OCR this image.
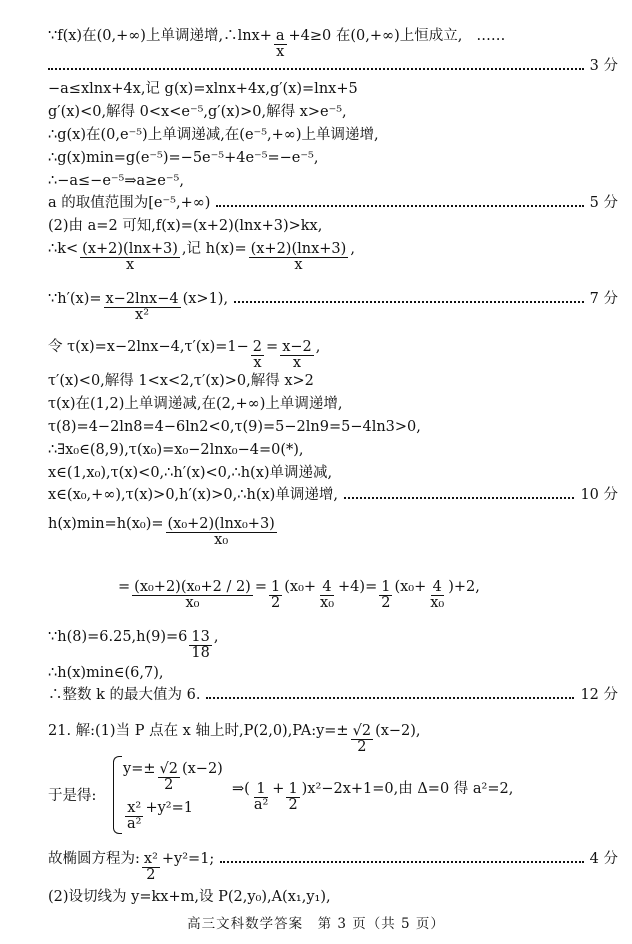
∵f(x)在(0,+∞)上单调递增,∴lnx+ $\frac{a}{x} +4\ge 0$ 在(0,+∞)上恒成立, ……
3 分
−a≤xlnx+4x,记 g(x)=xlnx+4x,g′(x)=lnx+5
g′(x)<0,解得 0<x<e⁻⁵,g′(x)>0,解得 x>e⁻⁵,
∴g(x)在(0,e⁻⁵)上单调递减,在(e⁻⁵,+∞)上单调递增,
∴g(x)min=g(e⁻⁵)=−5e⁻⁵+4e⁻⁵=−e⁻⁵,
∴−a≤−e⁻⁵⇒a≥e⁻⁵,
a 的取值范围为[e⁻⁵,+∞)	5 分
(2)由 a=2 可知,f(x)=(x+2)(lnx+3)>kx,
∴k< $\frac{(x+2)(\ln x+3)}{x}$ ,记 $h(x)= \frac{(x+2)(\ln x+3)}{x}$ ,
∵h′(x)= $\frac{x-2\ln x-4}{\text{x²}} (x>1)$,	7 分
令 $\tau(x)=x-2\ln x-4,\tau'(x)=1- \frac{2}{x} = \frac{x-2}{x}$ ,
τ′(x)<0,解得 1<x<2,τ′(x)>0,解得 x>2
τ(x)在(1,2)上单调递减,在(2,+∞)上单调递增,
τ(8)=4−2ln8=4−6ln2<0,τ(9)=5−2ln9=5−4ln3>0,
∴∃x₀∈(8,9),τ(x₀)=x₀−2lnx₀−4=0(*),
x∈(1,x₀),τ(x)<0,∴h′(x)<0,∴h(x)单调递减,
x∈(x₀,+∞),τ(x)>0,h′(x)>0,∴h(x)单调递增,	10 分
$h(x)\min=h(x_0)= \frac{\text{(x₀+2)(lnx₀+3)}}{\text{x₀}}$
= $\frac{\text{(x₀+2)(x₀+2 / 2)}}{\text{x₀}} = \frac{1}{2} (x_0+ \frac{4}{\text{x₀}} +4)= \frac{1}{2} (x_0+ \frac{4}{\text{x₀}} )+2$,
∵h(8)=6.25,h(9)=6 $\frac{13}{18}$ ,
∴h(x)min∈(6,7),
∴整数 k 的最大值为 6.	12 分
21. 解:(1)当 P 点在 x 轴上时,P(2,0),PA:y=± $\frac{√2}{2} (x-2)$,
于是得:
$y=\pm \frac{√2}{2} (x-2)$
$\frac{\text{x²}}{\text{a²}} +y^2=1$
⇒( $\frac{1}{\text{a²}} + \frac{1}{2} )x^2-2x+1=0$,由 Δ=0 得 a²=2,
故椭圆方程为: $\frac{\text{x²}}{2} +y^2=1$;	4 分
(2)设切线为 y=kx+m,设 P(2,y₀),A(x₁,y₁),
高三文科数学答案　第 3 页（共 5 页）
